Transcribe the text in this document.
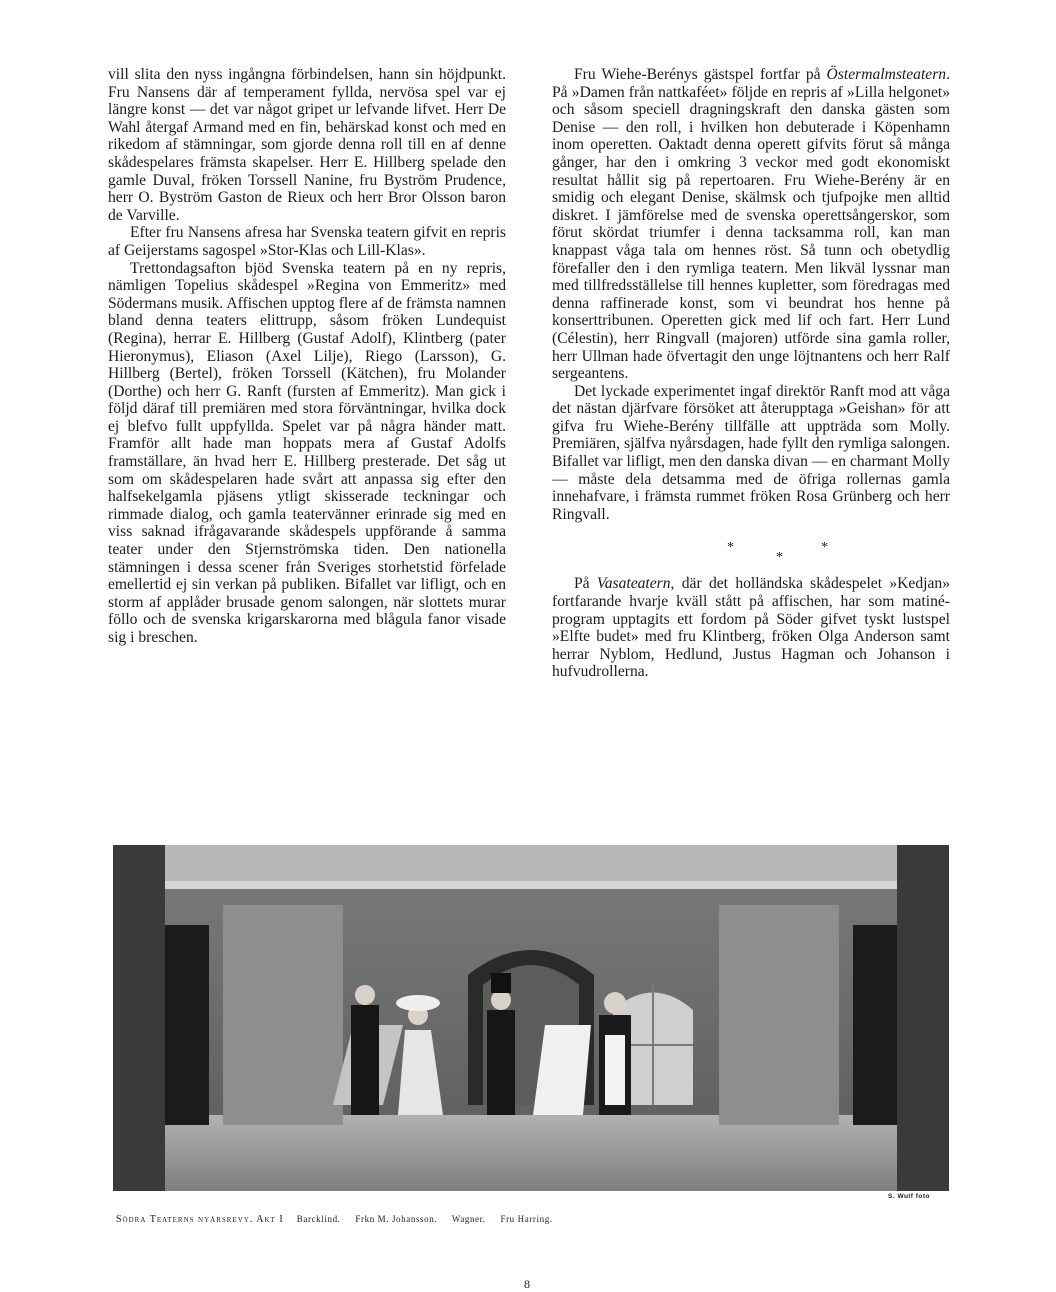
vill slita den nyss ingångna förbindelsen, hann sin höjdpunkt. Fru Nansens där af temperament fyllda, nervösa spel var ej längre konst — det var något gripet ur lefvande lifvet. Herr De Wahl återgaf Armand med en fin, behärskad konst och med en rikedom af stämningar, som gjorde denna roll till en af denne skådespelares främsta skapelser. Herr E. Hillberg spelade den gamle Duval, fröken Torssell Nanine, fru Byström Prudence, herr O. Byström Gaston de Rieux och herr Bror Olsson baron de Varville.

Efter fru Nansens afresa har Svenska teatern gifvit en repris af Geijerstams sagospel »Stor-Klas och Lill-Klas».

Trettondagsafton bjöd Svenska teatern på en ny repris, nämligen Topelius skådespel »Regina von Emmeritz» med Södermans musik. Affischen upptog flere af de främsta namnen bland denna teaters elittrupp, såsom fröken Lundequist (Regina), herrar E. Hillberg (Gustaf Adolf), Klintberg (pater Hieronymus), Eliason (Axel Lilje), Riego (Larsson), G. Hillberg (Bertel), fröken Torssell (Kätchen), fru Molander (Dorthe) och herr G. Ranft (fursten af Emmeritz). Man gick i följd däraf till premiären med stora förväntningar, hvilka dock ej blefvo fullt uppfyllda. Spelet var på några händer matt. Framför allt hade man hoppats mera af Gustaf Adolfs framställare, än hvad herr E. Hillberg presterade. Det såg ut som om skådespelaren hade svårt att anpassa sig efter den halfsekelgamla pjäsens ytligt skisserade teckningar och rimmade dialog, och gamla teatervänner erinrade sig med en viss saknad ifrågavarande skådespels uppförande å samma teater under den Stjernströmska tiden. Den nationella stämningen i dessa scener från Sveriges storhetstid förfelade emellertid ej sin verkan på publiken. Bifallet var lifligt, och en storm af applåder brusade genom salongen, när slottets murar föllo och de svenska krigarskarorna med blågula fanor visade sig i breschen.

Fru Wiehe-Berénys gästspel fortfar på Östermalmsteatern. På »Damen från nattkaféet» följde en repris af »Lilla helgonet» och såsom speciell dragningskraft den danska gästen som Denise — den roll, i hvilken hon debuterade i Köpenhamn inom operetten. Oaktadt denna operett gifvits förut så många gånger, har den i omkring 3 veckor med godt ekonomiskt resultat hållit sig på repertoaren. Fru Wiehe-Berény är en smidig och elegant Denise, skälmsk och tjufpojke men alltid diskret. I jämförelse med de svenska operettsångerskor, som förut skördat triumfer i denna tacksamma roll, kan man knappast våga tala om hennes röst. Så tunn och obetydlig förefaller den i den rymliga teatern. Men likväl lyssnar man med tillfredsställelse till hennes kupletter, som föredragas med denna raffinerade konst, som vi beundrat hos henne på konserttribunen. Operetten gick med lif och fart. Herr Lund (Célestin), herr Ringvall (majoren) utförde sina gamla roller, herr Ullman hade öfvertagit den unge löjtnantens och herr Ralf sergeantens.

Det lyckade experimentet ingaf direktör Ranft mod att våga det nästan djärfvare försöket att återupptaga »Geishan» för att gifva fru Wiehe-Berény tillfälle att uppträda som Molly. Premiären, själfva nyårsdagen, hade fyllt den rymliga salongen. Bifallet var lifligt, men den danska divan — en charmant Molly — måste dela detsamma med de öfriga rollernas gamla innehafvare, i främsta rummet fröken Rosa Grünberg och herr Ringvall.

*
*
*

På Vasateatern, där det holländska skådespelet »Kedjan» fortfarande hvarje kväll stått på affischen, har som matiné-program upptagits ett fordom på Söder gifvet tyskt lustspel »Elfte budet» med fru Klintberg, fröken Olga Anderson samt herrar Nyblom, Hedlund, Justus Hagman och Johanson i hufvudrollerna.

S. Wulf foto
Södra Teaterns nyårsrevy. Akt I Barcklind. Frkn M. Johansson. Wagner. Fru Harring.
8
